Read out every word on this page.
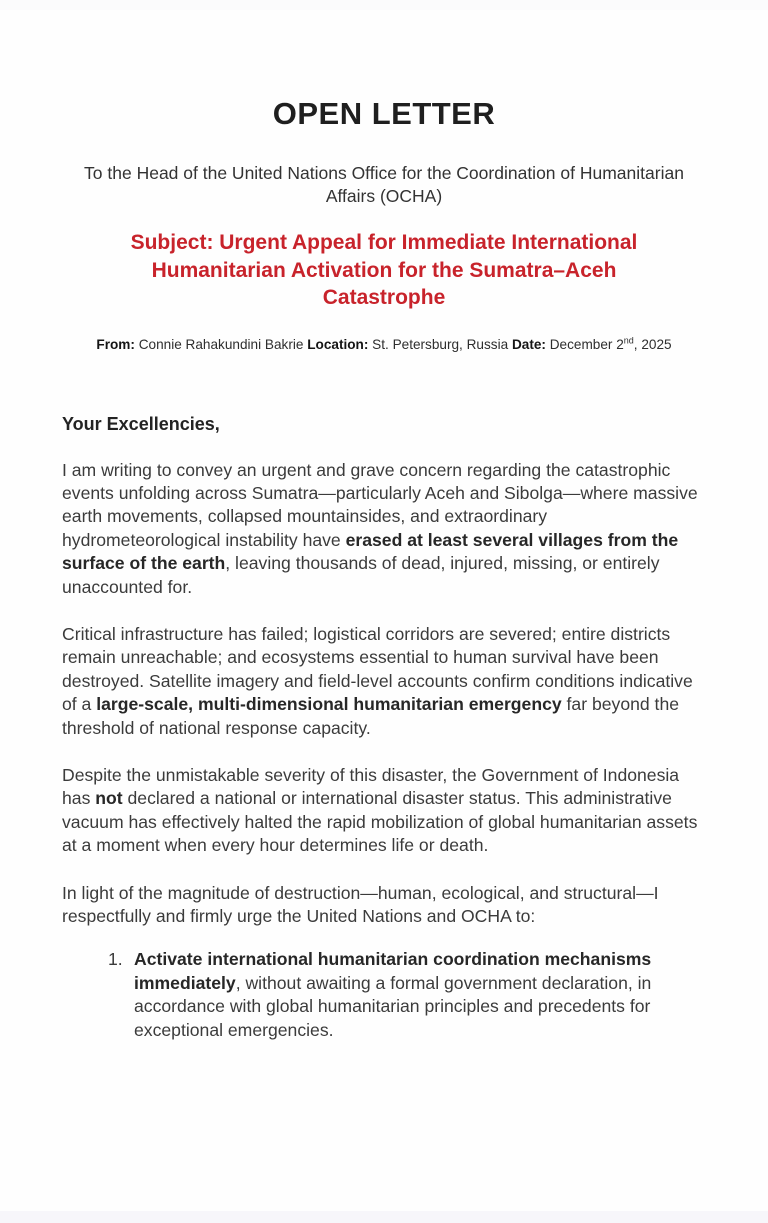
OPEN LETTER

To the Head of the United Nations Office for the Coordination of Humanitarian Affairs (OCHA)

Subject: Urgent Appeal for Immediate International Humanitarian Activation for the Sumatra–Aceh Catastrophe

From: Connie Rahakundini Bakrie Location: St. Petersburg, Russia Date: December 2nd, 2025

Your Excellencies,

I am writing to convey an urgent and grave concern regarding the catastrophic events unfolding across Sumatra—particularly Aceh and Sibolga—where massive earth movements, collapsed mountainsides, and extraordinary hydrometeorological instability have erased at least several villages from the surface of the earth, leaving thousands of dead, injured, missing, or entirely unaccounted for.

Critical infrastructure has failed; logistical corridors are severed; entire districts remain unreachable; and ecosystems essential to human survival have been destroyed. Satellite imagery and field-level accounts confirm conditions indicative of a large-scale, multi-dimensional humanitarian emergency far beyond the threshold of national response capacity.

Despite the unmistakable severity of this disaster, the Government of Indonesia has not declared a national or international disaster status. This administrative vacuum has effectively halted the rapid mobilization of global humanitarian assets at a moment when every hour determines life or death.

In light of the magnitude of destruction—human, ecological, and structural—I respectfully and firmly urge the United Nations and OCHA to:

1. Activate international humanitarian coordination mechanisms immediately, without awaiting a formal government declaration, in accordance with global humanitarian principles and precedents for exceptional emergencies.
